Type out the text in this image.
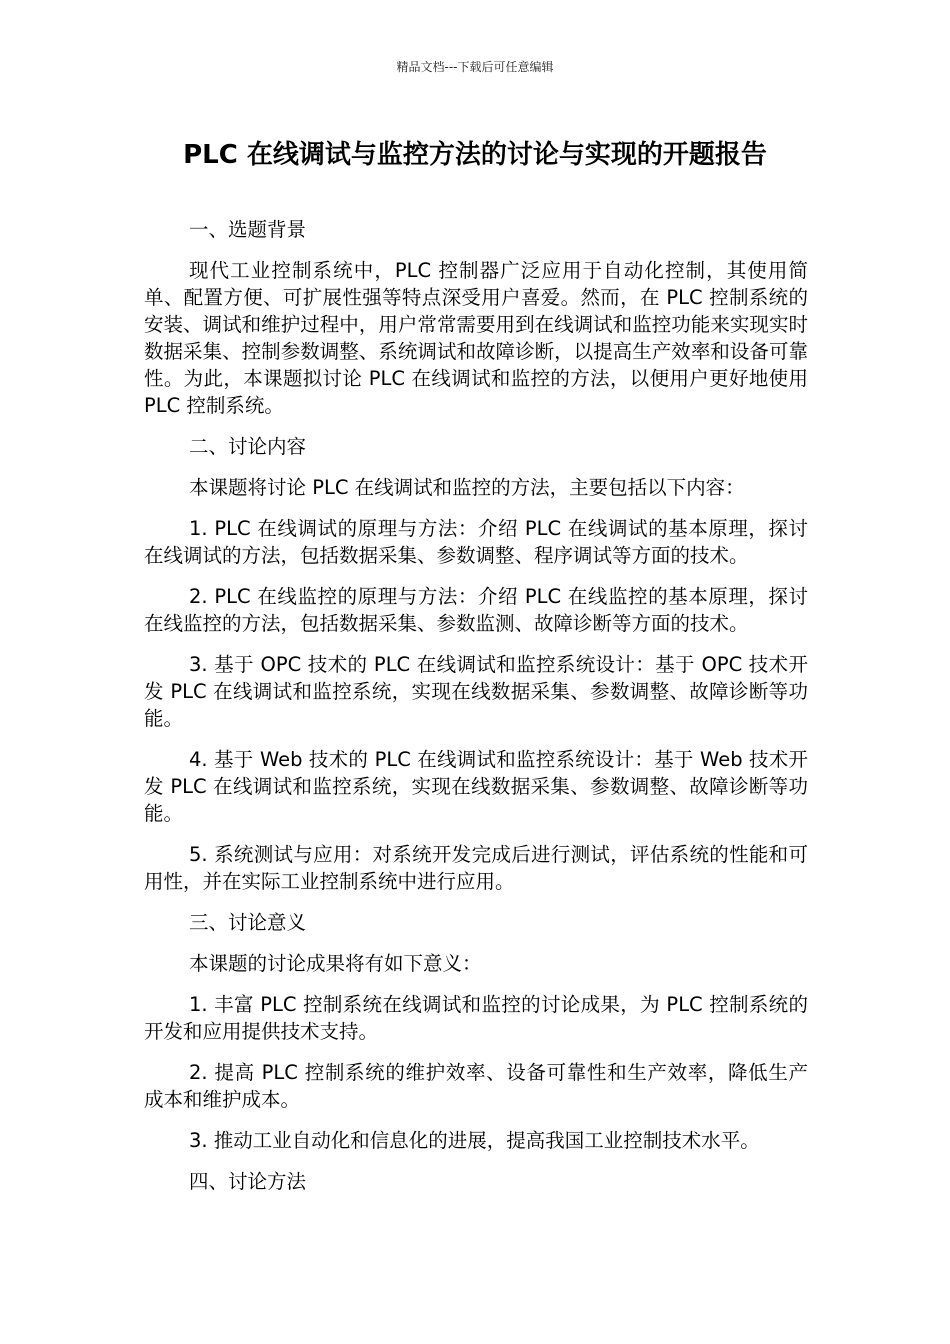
精品文档---下载后可任意编辑
PLC 在线调试与监控方法的讨论与实现的开题报告

一、选题背景

现代工业控制系统中，PLC 控制器广泛应用于自动化控制，其使用简单、配置方便、可扩展性强等特点深受用户喜爱。然而，在 PLC 控制系统的安装、调试和维护过程中，用户常常需要用到在线调试和监控功能来实现实时数据采集、控制参数调整、系统调试和故障诊断，以提高生产效率和设备可靠性。为此，本课题拟讨论 PLC 在线调试和监控的方法，以便用户更好地使用 PLC 控制系统。

二、讨论内容

本课题将讨论 PLC 在线调试和监控的方法，主要包括以下内容：

1. PLC 在线调试的原理与方法：介绍 PLC 在线调试的基本原理，探讨在线调试的方法，包括数据采集、参数调整、程序调试等方面的技术。

2. PLC 在线监控的原理与方法：介绍 PLC 在线监控的基本原理，探讨在线监控的方法，包括数据采集、参数监测、故障诊断等方面的技术。

3. 基于 OPC 技术的 PLC 在线调试和监控系统设计：基于 OPC 技术开发 PLC 在线调试和监控系统，实现在线数据采集、参数调整、故障诊断等功能。

4. 基于 Web 技术的 PLC 在线调试和监控系统设计：基于 Web 技术开发 PLC 在线调试和监控系统，实现在线数据采集、参数调整、故障诊断等功能。

5. 系统测试与应用：对系统开发完成后进行测试，评估系统的性能和可用性，并在实际工业控制系统中进行应用。

三、讨论意义

本课题的讨论成果将有如下意义：

1. 丰富 PLC 控制系统在线调试和监控的讨论成果，为 PLC 控制系统的开发和应用提供技术支持。

2. 提高 PLC 控制系统的维护效率、设备可靠性和生产效率，降低生产成本和维护成本。

3. 推动工业自动化和信息化的进展，提高我国工业控制技术水平。

四、讨论方法
